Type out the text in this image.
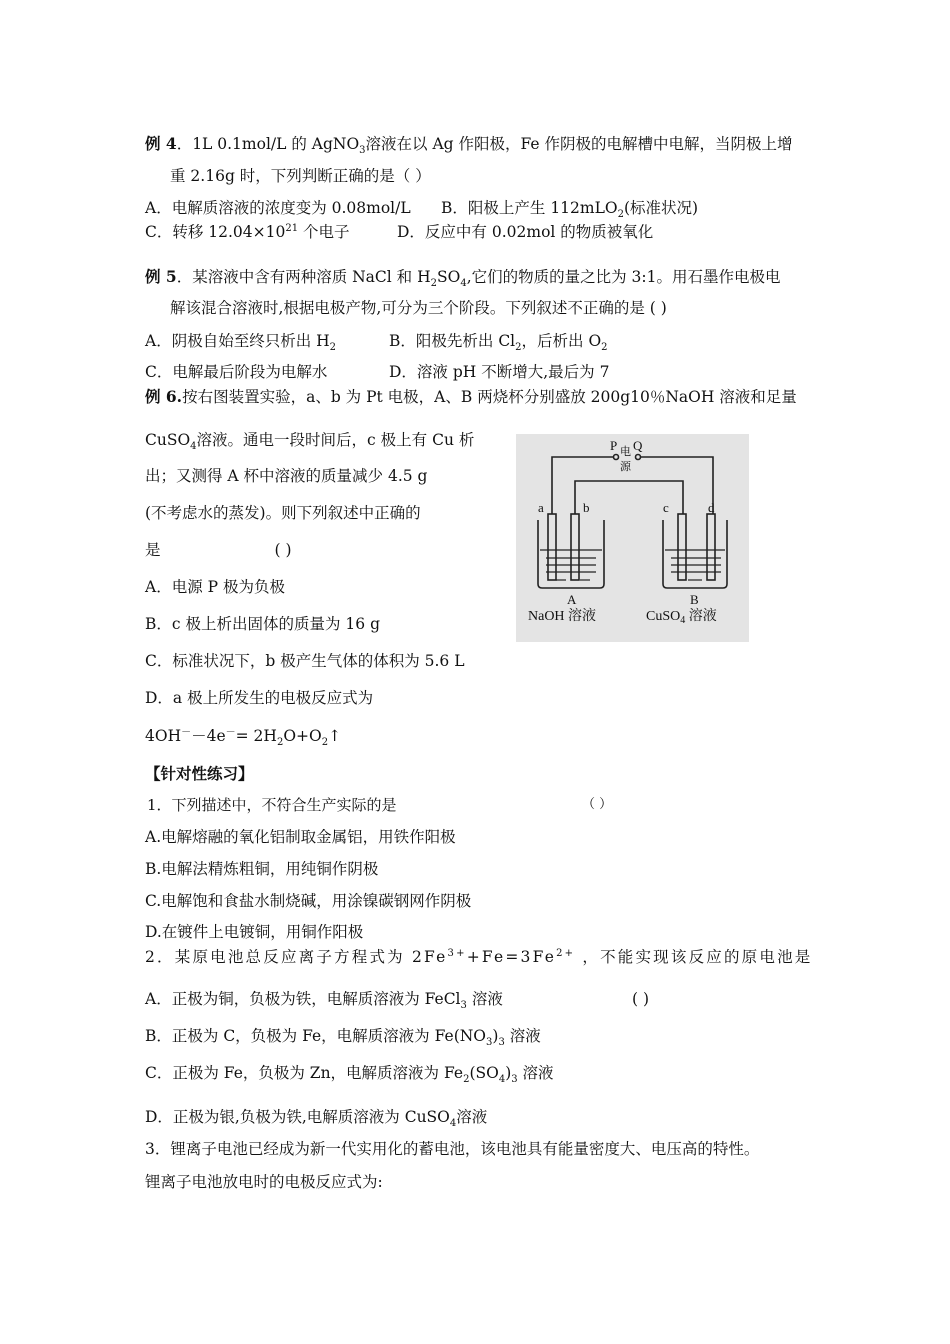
例 4．1L 0.1mol/L 的 AgNO$_3$溶液在以 Ag 作阳极，Fe 作阴极的电解槽中电解，当阴极上增
重 2.16g 时，下列判断正确的是（ ）
A．电解质溶液的浓度变为 0.08mol/L B．阳极上产生 112mLO$_2$(标准状况)
C．转移 $12.04\times 10^{21}$ 个电子	D．反应中有 0.02mol 的物质被氧化
例 5．某溶液中含有两种溶质 NaCl 和 $H_2SO_4$,它们的物质的量之比为 3:1。用石墨作电极电
解该混合溶液时,根据电极产物,可分为三个阶段。下列叙述不正确的是 ( )
A．阴极自始至终只析出 $H_2$	B．阳极先析出 $Cl_2$，后析出 $O_2$
C．电解最后阶段为电解水	D．溶液 pH 不断增大,最后为 7
例 6.按右图装置实验，a、b 为 Pt 电极，A、B 两烧杯分别盛放 200g10％NaOH 溶液和足量
CuSO$_4$溶液。通电一段时间后，c 极上有 Cu 析
出；又测得 A 杯中溶液的质量减少 4.5 g
(不考虑水的蒸发)。则下列叙述中正确的
是	( )
A．电源 P 极为负极
B．c 极上析出固体的质量为 16 g
C．标准状况下，b 极产生气体的体积为 5.6 L
D．a 极上所发生的电极反应式为
$4OH^--4e^-= 2H_2O+O_2↑$
P Q
电
源
a	b	c	d
A	B
NaOH 溶液	CuSO$_4$ 溶液
【针对性练习】
1．下列描述中，不符合生产实际的是	（ ）
A.电解熔融的氧化铝制取金属铝，用铁作阳极
B.电解法精炼粗铜，用纯铜作阴极
C.电解饱和食盐水制烧碱，用涂镍碳钢网作阴极
D.在镀件上电镀铜，用铜作阳极
2．某原电池总反应离子方程式为 $2Fe^{3+}+Fe=3Fe^{2+}$ ，不能实现该反应的原电池是
A．正极为铜，负极为铁，电解质溶液为 FeCl$_3$ 溶液	( )
B．正极为 C，负极为 Fe，电解质溶液为 $Fe(NO_3)_3$ 溶液
C．正极为 Fe，负极为 Zn，电解质溶液为 $Fe_2(SO_4)_3$ 溶液
D．正极为银,负极为铁,电解质溶液为 CuSO$_4$溶液
3．锂离子电池已经成为新一代实用化的蓄电池，该电池具有能量密度大、电压高的特性。
锂离子电池放电时的电极反应式为:
